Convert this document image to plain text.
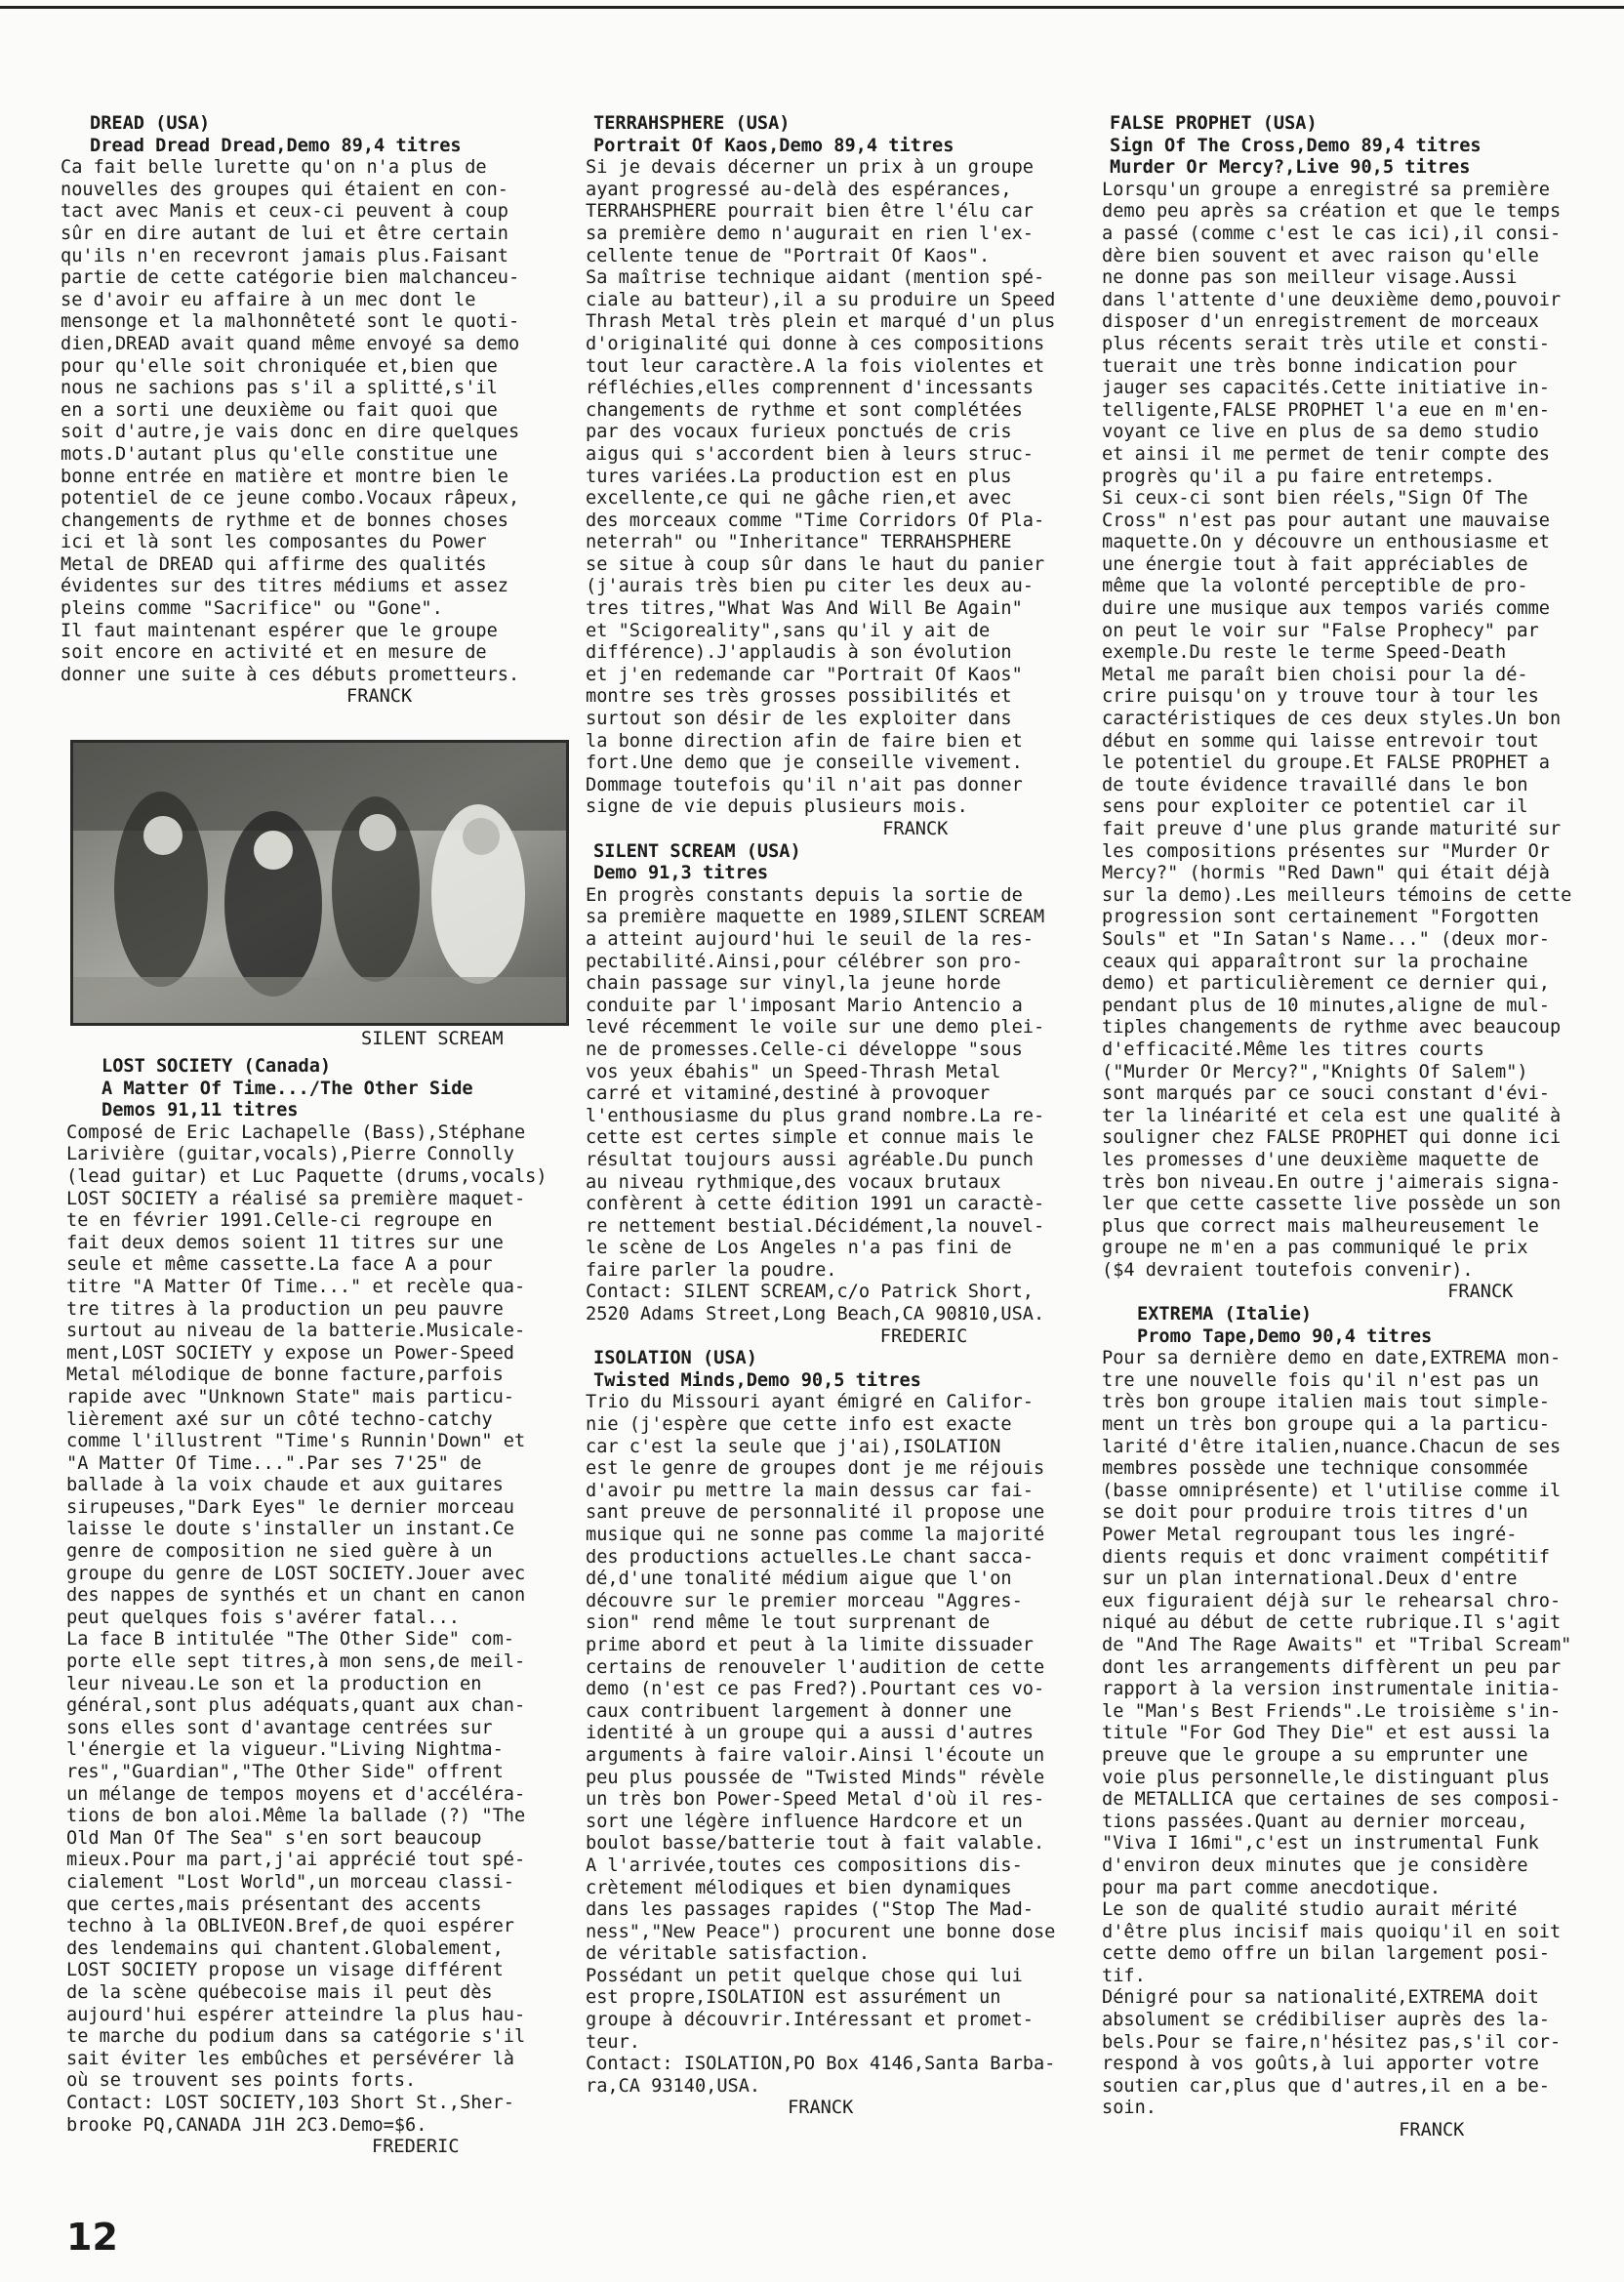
DREAD (USA)
Dread Dread Dread,Demo 89,4 titres
Ca fait belle lurette qu'on n'a plus de
nouvelles des groupes qui étaient en con-
tact avec Manis et ceux-ci peuvent à coup
sûr en dire autant de lui et être certain
qu'ils n'en recevront jamais plus.Faisant
partie de cette catégorie bien malchanceu-
se d'avoir eu affaire à un mec dont le
mensonge et la malhonnêteté sont le quoti-
dien,DREAD avait quand même envoyé sa demo
pour qu'elle soit chroniquée et,bien que
nous ne sachions pas s'il a splitté,s'il
en a sorti une deuxième ou fait quoi que
soit d'autre,je vais donc en dire quelques
mots.D'autant plus qu'elle constitue une
bonne entrée en matière et montre bien le
potentiel de ce jeune combo.Vocaux râpeux,
changements de rythme et de bonnes choses
ici et là sont les composantes du Power
Metal de DREAD qui affirme des qualités
évidentes sur des titres médiums et assez
pleins comme "Sacrifice" ou "Gone".
Il faut maintenant espérer que le groupe
soit encore en activité et en mesure de
donner une suite à ces débuts prometteurs.
FRANCK
SILENT SCREAM
LOST SOCIETY (Canada)
A Matter Of Time.../The Other Side
Demos 91,11 titres
Composé de Eric Lachapelle (Bass),Stéphane
Larivière (guitar,vocals),Pierre Connolly
(lead guitar) et Luc Paquette (drums,vocals)
LOST SOCIETY a réalisé sa première maquet-
te en février 1991.Celle-ci regroupe en
fait deux demos soient 11 titres sur une
seule et même cassette.La face A a pour
titre "A Matter Of Time..." et recèle qua-
tre titres à la production un peu pauvre
surtout au niveau de la batterie.Musicale-
ment,LOST SOCIETY y expose un Power-Speed
Metal mélodique de bonne facture,parfois
rapide avec "Unknown State" mais particu-
lièrement axé sur un côté techno-catchy
comme l'illustrent "Time's Runnin'Down" et
"A Matter Of Time...".Par ses 7'25" de
ballade à la voix chaude et aux guitares
sirupeuses,"Dark Eyes" le dernier morceau
laisse le doute s'installer un instant.Ce
genre de composition ne sied guère à un
groupe du genre de LOST SOCIETY.Jouer avec
des nappes de synthés et un chant en canon
peut quelques fois s'avérer fatal...
La face B intitulée "The Other Side" com-
porte elle sept titres,à mon sens,de meil-
leur niveau.Le son et la production en
général,sont plus adéquats,quant aux chan-
sons elles sont d'avantage centrées sur
l'énergie et la vigueur."Living Nightma-
res","Guardian","The Other Side" offrent
un mélange de tempos moyens et d'accéléra-
tions de bon aloi.Même la ballade (?) "The
Old Man Of The Sea" s'en sort beaucoup
mieux.Pour ma part,j'ai apprécié tout spé-
cialement "Lost World",un morceau classi-
que certes,mais présentant des accents
techno à la OBLIVEON.Bref,de quoi espérer
des lendemains qui chantent.Globalement,
LOST SOCIETY propose un visage différent
de la scène québecoise mais il peut dès
aujourd'hui espérer atteindre la plus hau-
te marche du podium dans sa catégorie s'il
sait éviter les embûches et persévérer là
où se trouvent ses points forts.
Contact: LOST SOCIETY,103 Short St.,Sher-
brooke PQ,CANADA J1H 2C3.Demo=$6.
FREDERIC
TERRAHSPHERE (USA)
Portrait Of Kaos,Demo 89,4 titres
Si je devais décerner un prix à un groupe
ayant progressé au-delà des espérances,
TERRAHSPHERE pourrait bien être l'élu car
sa première demo n'augurait en rien l'ex-
cellente tenue de "Portrait Of Kaos".
Sa maîtrise technique aidant (mention spé-
ciale au batteur),il a su produire un Speed
Thrash Metal très plein et marqué d'un plus
d'originalité qui donne à ces compositions
tout leur caractère.A la fois violentes et
réfléchies,elles comprennent d'incessants
changements de rythme et sont complétées
par des vocaux furieux ponctués de cris
aigus qui s'accordent bien à leurs struc-
tures variées.La production est en plus
excellente,ce qui ne gâche rien,et avec
des morceaux comme "Time Corridors Of Pla-
neterrah" ou "Inheritance" TERRAHSPHERE
se situe à coup sûr dans le haut du panier
(j'aurais très bien pu citer les deux au-
tres titres,"What Was And Will Be Again"
et "Scigoreality",sans qu'il y ait de
différence).J'applaudis à son évolution
et j'en redemande car "Portrait Of Kaos"
montre ses très grosses possibilités et
surtout son désir de les exploiter dans
la bonne direction afin de faire bien et
fort.Une demo que je conseille vivement.
Dommage toutefois qu'il n'ait pas donner
signe de vie depuis plusieurs mois.
FRANCK
SILENT SCREAM (USA)
Demo 91,3 titres
En progrès constants depuis la sortie de
sa première maquette en 1989,SILENT SCREAM
a atteint aujourd'hui le seuil de la res-
pectabilité.Ainsi,pour célébrer son pro-
chain passage sur vinyl,la jeune horde
conduite par l'imposant Mario Antencio a
levé récemment le voile sur une demo plei-
ne de promesses.Celle-ci développe "sous
vos yeux ébahis" un Speed-Thrash Metal
carré et vitaminé,destiné à provoquer
l'enthousiasme du plus grand nombre.La re-
cette est certes simple et connue mais le
résultat toujours aussi agréable.Du punch
au niveau rythmique,des vocaux brutaux
confèrent à cette édition 1991 un caractè-
re nettement bestial.Décidément,la nouvel-
le scène de Los Angeles n'a pas fini de
faire parler la poudre.
Contact: SILENT SCREAM,c/o Patrick Short,
2520 Adams Street,Long Beach,CA 90810,USA.
FREDERIC
ISOLATION (USA)
Twisted Minds,Demo 90,5 titres
Trio du Missouri ayant émigré en Califor-
nie (j'espère que cette info est exacte
car c'est la seule que j'ai),ISOLATION
est le genre de groupes dont je me réjouis
d'avoir pu mettre la main dessus car fai-
sant preuve de personnalité il propose une
musique qui ne sonne pas comme la majorité
des productions actuelles.Le chant sacca-
dé,d'une tonalité médium aigue que l'on
découvre sur le premier morceau "Aggres-
sion" rend même le tout surprenant de
prime abord et peut à la limite dissuader
certains de renouveler l'audition de cette
demo (n'est ce pas Fred?).Pourtant ces vo-
caux contribuent largement à donner une
identité à un groupe qui a aussi d'autres
arguments à faire valoir.Ainsi l'écoute un
peu plus poussée de "Twisted Minds" révèle
un très bon Power-Speed Metal d'où il res-
sort une légère influence Hardcore et un
boulot basse/batterie tout à fait valable.
A l'arrivée,toutes ces compositions dis-
crètement mélodiques et bien dynamiques
dans les passages rapides ("Stop The Mad-
ness","New Peace") procurent une bonne dose
de véritable satisfaction.
Possédant un petit quelque chose qui lui
est propre,ISOLATION est assurément un
groupe à découvrir.Intéressant et promet-
teur.
Contact: ISOLATION,PO Box 4146,Santa Barba-
ra,CA 93140,USA.
FRANCK
FALSE PROPHET (USA)
Sign Of The Cross,Demo 89,4 titres
Murder Or Mercy?,Live 90,5 titres
Lorsqu'un groupe a enregistré sa première
demo peu après sa création et que le temps
a passé (comme c'est le cas ici),il consi-
dère bien souvent et avec raison qu'elle
ne donne pas son meilleur visage.Aussi
dans l'attente d'une deuxième demo,pouvoir
disposer d'un enregistrement de morceaux
plus récents serait très utile et consti-
tuerait une très bonne indication pour
jauger ses capacités.Cette initiative in-
telligente,FALSE PROPHET l'a eue en m'en-
voyant ce live en plus de sa demo studio
et ainsi il me permet de tenir compte des
progrès qu'il a pu faire entretemps.
Si ceux-ci sont bien réels,"Sign Of The
Cross" n'est pas pour autant une mauvaise
maquette.On y découvre un enthousiasme et
une énergie tout à fait appréciables de
même que la volonté perceptible de pro-
duire une musique aux tempos variés comme
on peut le voir sur "False Prophecy" par
exemple.Du reste le terme Speed-Death
Metal me paraît bien choisi pour la dé-
crire puisqu'on y trouve tour à tour les
caractéristiques de ces deux styles.Un bon
début en somme qui laisse entrevoir tout
le potentiel du groupe.Et FALSE PROPHET a
de toute évidence travaillé dans le bon
sens pour exploiter ce potentiel car il
fait preuve d'une plus grande maturité sur
les compositions présentes sur "Murder Or
Mercy?" (hormis "Red Dawn" qui était déjà
sur la demo).Les meilleurs témoins de cette
progression sont certainement "Forgotten
Souls" et "In Satan's Name..." (deux mor-
ceaux qui apparaîtront sur la prochaine
demo) et particulièrement ce dernier qui,
pendant plus de 10 minutes,aligne de mul-
tiples changements de rythme avec beaucoup
d'efficacité.Même les titres courts
("Murder Or Mercy?","Knights Of Salem")
sont marqués par ce souci constant d'évi-
ter la linéarité et cela est une qualité à
souligner chez FALSE PROPHET qui donne ici
les promesses d'une deuxième maquette de
très bon niveau.En outre j'aimerais signa-
ler que cette cassette live possède un son
plus que correct mais malheureusement le
groupe ne m'en a pas communiqué le prix
($4 devraient toutefois convenir).
FRANCK
EXTREMA (Italie)
Promo Tape,Demo 90,4 titres
Pour sa dernière demo en date,EXTREMA mon-
tre une nouvelle fois qu'il n'est pas un
très bon groupe italien mais tout simple-
ment un très bon groupe qui a la particu-
larité d'être italien,nuance.Chacun de ses
membres possède une technique consommée
(basse omniprésente) et l'utilise comme il
se doit pour produire trois titres d'un
Power Metal regroupant tous les ingré-
dients requis et donc vraiment compétitif
sur un plan international.Deux d'entre
eux figuraient déjà sur le rehearsal chro-
niqué au début de cette rubrique.Il s'agit
de "And The Rage Awaits" et "Tribal Scream"
dont les arrangements diffèrent un peu par
rapport à la version instrumentale initia-
le "Man's Best Friends".Le troisième s'in-
titule "For God They Die" et est aussi la
preuve que le groupe a su emprunter une
voie plus personnelle,le distinguant plus
de METALLICA que certaines de ses composi-
tions passées.Quant au dernier morceau,
"Viva I 16mi",c'est un instrumental Funk
d'environ deux minutes que je considère
pour ma part comme anecdotique.
Le son de qualité studio aurait mérité
d'être plus incisif mais quoiqu'il en soit
cette demo offre un bilan largement posi-
tif.
Dénigré pour sa nationalité,EXTREMA doit
absolument se crédibiliser auprès des la-
bels.Pour se faire,n'hésitez pas,s'il cor-
respond à vos goûts,à lui apporter votre
soutien car,plus que d'autres,il en a be-
soin.
FRANCK
12
